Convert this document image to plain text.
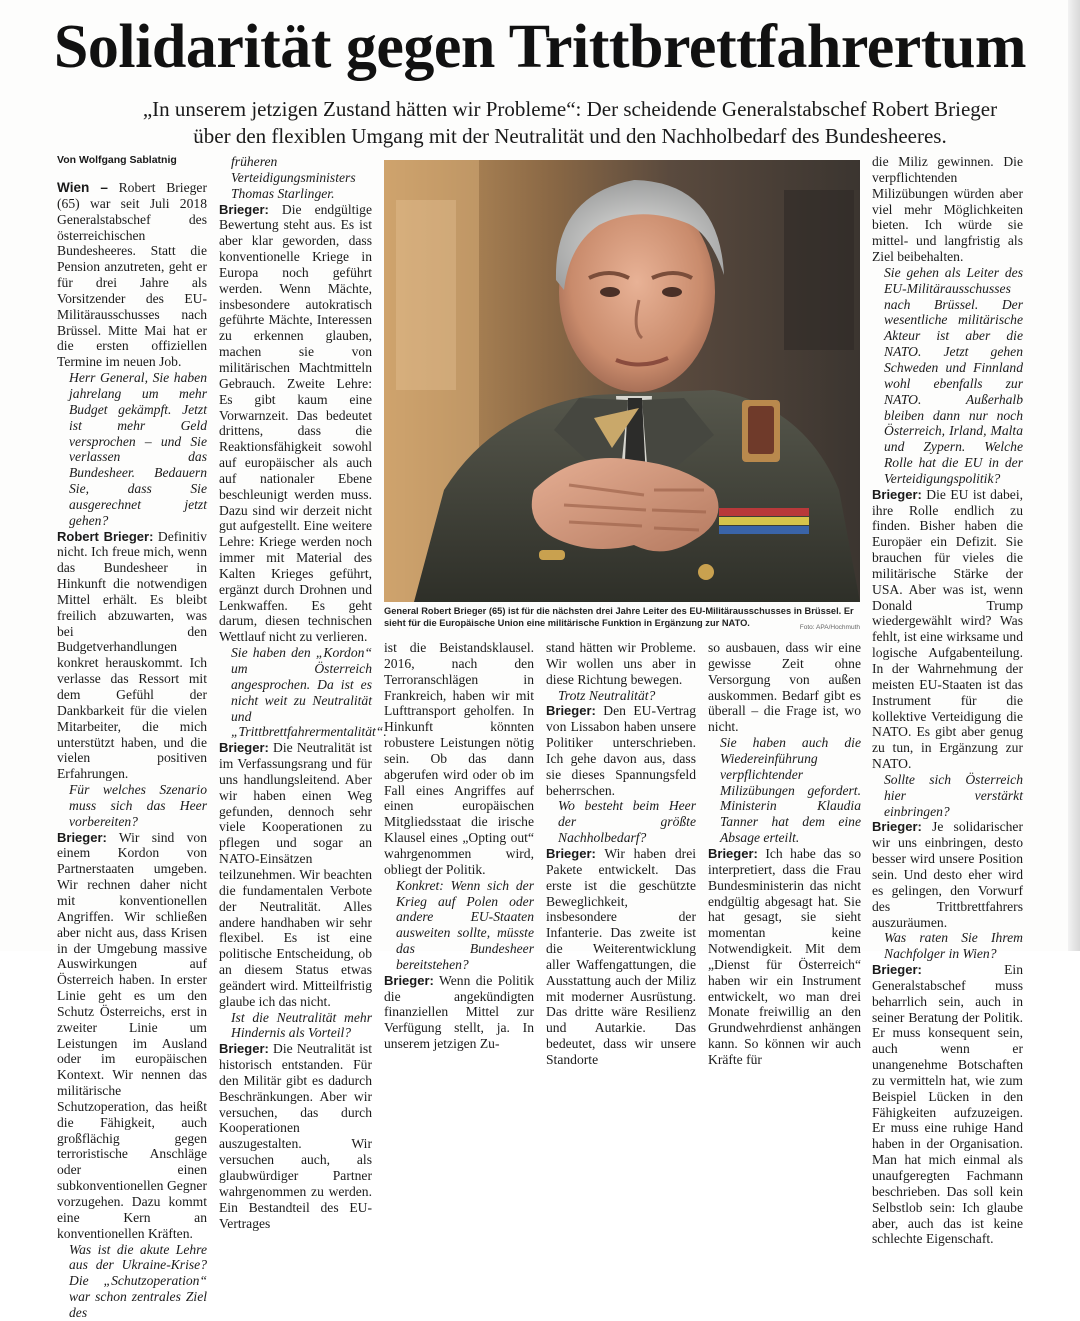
Solidarität gegen Trittbrettfahrertum

„In unserem jetzigen Zustand hätten wir Probleme“: Der scheidende Generalstabschef Robert Brieger über den flexiblen Umgang mit der Neutralität und den Nachholbedarf des Bundesheeres.

Von Wolfgang Sablatnig

Wien – Robert Brieger (65) war seit Juli 2018 Generalstabschef des österreichischen Bundesheeres. Statt die Pension anzutreten, geht er für drei Jahre als Vorsitzender des EU-Militärausschusses nach Brüssel. Mitte Mai hat er die ersten offiziellen Termine im neuen Job.

Herr General, Sie haben jahrelang um mehr Budget gekämpft. Jetzt ist mehr Geld versprochen – und Sie verlassen das Bundesheer. Bedauern Sie, dass Sie ausgerechnet jetzt gehen?

Robert Brieger: Definitiv nicht. Ich freue mich, wenn das Bundesheer in Hinkunft die notwendigen Mittel erhält. Es bleibt freilich abzuwarten, was bei den Budgetverhandlungen konkret herauskommt. Ich verlasse das Ressort mit dem Gefühl der Dankbarkeit für die vielen Mitarbeiter, die mich unterstützt haben, und die vielen positiven Erfahrungen.

Für welches Szenario muss sich das Heer vorbereiten?

Brieger: Wir sind von einem Kordon von Partnerstaaten umgeben. Wir rechnen daher nicht mit konventionellen Angriffen. Wir schließen aber nicht aus, dass Krisen in der Umgebung massive Auswirkungen auf Österreich haben. In erster Linie geht es um den Schutz Österreichs, erst in zweiter Linie um Leistungen im Ausland oder im europäischen Kontext. Wir nennen das militärische Schutzoperation, das heißt die Fähigkeit, auch großflächig gegen terroristische Anschläge oder einen subkonventionellen Gegner vorzugehen. Dazu kommt eine Kern an konventionellen Kräften.

Was ist die akute Lehre aus der Ukraine-Krise? Die „Schutzoperation“ war schon zentrales Ziel des

früheren Verteidigungsministers Thomas Starlinger.

Brieger: Die endgültige Bewertung steht aus. Es ist aber klar geworden, dass konventionelle Kriege in Europa noch geführt werden. Wenn Mächte, insbesondere autokratisch geführte Mächte, Interessen zu erkennen glauben, machen sie von militärischen Machtmitteln Gebrauch. Zweite Lehre: Es gibt kaum eine Vorwarnzeit. Das bedeutet drittens, dass die Reaktionsfähigkeit sowohl auf europäischer als auch auf nationaler Ebene beschleunigt werden muss. Dazu sind wir derzeit nicht gut aufgestellt. Eine weitere Lehre: Kriege werden noch immer mit Material des Kalten Krieges geführt, ergänzt durch Drohnen und Lenkwaffen. Es geht darum, diesen technischen Wettlauf nicht zu verlieren.

Sie haben den „Kordon“ um Österreich angesprochen. Da ist es nicht weit zu Neutralität und „Trittbrettfahrermentalität“.

Brieger: Die Neutralität ist im Verfassungsrang und für uns handlungsleitend. Aber wir haben einen Weg gefunden, dennoch sehr viele Kooperationen zu pflegen und sogar an NATO-Einsätzen teilzunehmen. Wir beachten die fundamentalen Verbote der Neutralität. Alles andere handhaben wir sehr flexibel. Es ist eine politische Entscheidung, ob an diesem Status etwas geändert wird. Mitteilfristig glaube ich das nicht.

Ist die Neutralität mehr Hindernis als Vorteil?

Brieger: Die Neutralität ist historisch entstanden. Für den Militär gibt es dadurch Beschränkungen. Aber wir versuchen, das durch Kooperationen auszugestalten. Wir versuchen auch, als glaubwürdiger Partner wahrgenommen zu werden. Ein Bestandteil des EU-Vertrages

General Robert Brieger (65) ist für die nächsten drei Jahre Leiter des EU-Militärausschusses in Brüssel. Er sieht für die Europäische Union eine militärische Funktion in Ergänzung zur NATO.	Foto: APA/Hochmuth

ist die Beistandsklausel. 2016, nach den Terroranschlägen in Frankreich, haben wir mit Lufttransport geholfen. In Hinkunft könnten robustere Leistungen nötig sein. Ob das dann abgerufen wird oder ob im Fall eines Angriffes auf einen europäischen Mitgliedsstaat die irische Klausel eines „Opting out“ wahrgenommen wird, obliegt der Politik.

Konkret: Wenn sich der Krieg auf Polen oder andere EU-Staaten ausweiten sollte, müsste das Bundesheer bereitstehen?

Brieger: Wenn die Politik die angekündigten finanziellen Mittel zur Verfügung stellt, ja. In unserem jetzigen Zu-

stand hätten wir Probleme. Wir wollen uns aber in diese Richtung bewegen.

Trotz Neutralität?

Brieger: Den EU-Vertrag von Lissabon haben unsere Politiker unterschrieben. Ich gehe davon aus, dass sie dieses Spannungsfeld beherrschen.

Wo besteht beim Heer der größte Nachholbedarf?

Brieger: Wir haben drei Pakete entwickelt. Das erste ist die geschützte Beweglichkeit, insbesondere der Infanterie. Das zweite ist die Weiterentwicklung aller Waffengattungen, die Ausstattung auch der Miliz mit moderner Ausrüstung. Das dritte wäre Resilienz und Autarkie. Das bedeutet, dass wir unsere Standorte

so ausbauen, dass wir eine gewisse Zeit ohne Versorgung von außen auskommen. Bedarf gibt es überall – die Frage ist, wo nicht.

Sie haben auch die Wiedereinführung verpflichtender Milizübungen gefordert. Ministerin Klaudia Tanner hat dem eine Absage erteilt.

Brieger: Ich habe das so interpretiert, dass die Frau Bundesministerin das nicht endgültig abgesagt hat. Sie hat gesagt, sie sieht momentan keine Notwendigkeit. Mit dem „Dienst für Österreich“ haben wir ein Instrument entwickelt, wo man drei Monate freiwillig an den Grundwehrdienst anhängen kann. So können wir auch Kräfte für

die Miliz gewinnen. Die verpflichtenden Milizübungen würden aber viel mehr Möglichkeiten bieten. Ich würde sie mittel- und langfristig als Ziel beibehalten.

Sie gehen als Leiter des EU-Militärausschusses nach Brüssel. Der wesentliche militärische Akteur ist aber die NATO. Jetzt gehen Schweden und Finnland wohl ebenfalls zur NATO. Außerhalb bleiben dann nur noch Österreich, Irland, Malta und Zypern. Welche Rolle hat die EU in der Verteidigungspolitik?

Brieger: Die EU ist dabei, ihre Rolle endlich zu finden. Bisher haben die Europäer ein Defizit. Sie brauchen für vieles die militärische Stärke der USA. Aber was ist, wenn Donald Trump wiedergewählt wird? Was fehlt, ist eine wirksame und logische Aufgabenteilung. In der Wahrnehmung der meisten EU-Staaten ist das Instrument für die kollektive Verteidigung die NATO. Es gibt aber genug zu tun, in Ergänzung zur NATO.

Sollte sich Österreich hier verstärkt einbringen?

Brieger: Je solidarischer wir uns einbringen, desto besser wird unsere Position sein. Und desto eher wird es gelingen, den Vorwurf des Trittbrettfahrers auszuräumen.

Was raten Sie Ihrem Nachfolger in Wien?

Brieger:	Ein Generalstabschef muss beharrlich sein, auch in seiner Beratung der Politik. Er muss konsequent sein, auch wenn er unangenehme Botschaften zu vermitteln hat, wie zum Beispiel Lücken in den Fähigkeiten aufzuzeigen. Er muss eine ruhige Hand haben in der Organisation. Man hat mich einmal als unaufgeregten Fachmann beschrieben. Das soll kein Selbstlob sein: Ich glaube aber, auch das ist keine schlechte Eigenschaft.
